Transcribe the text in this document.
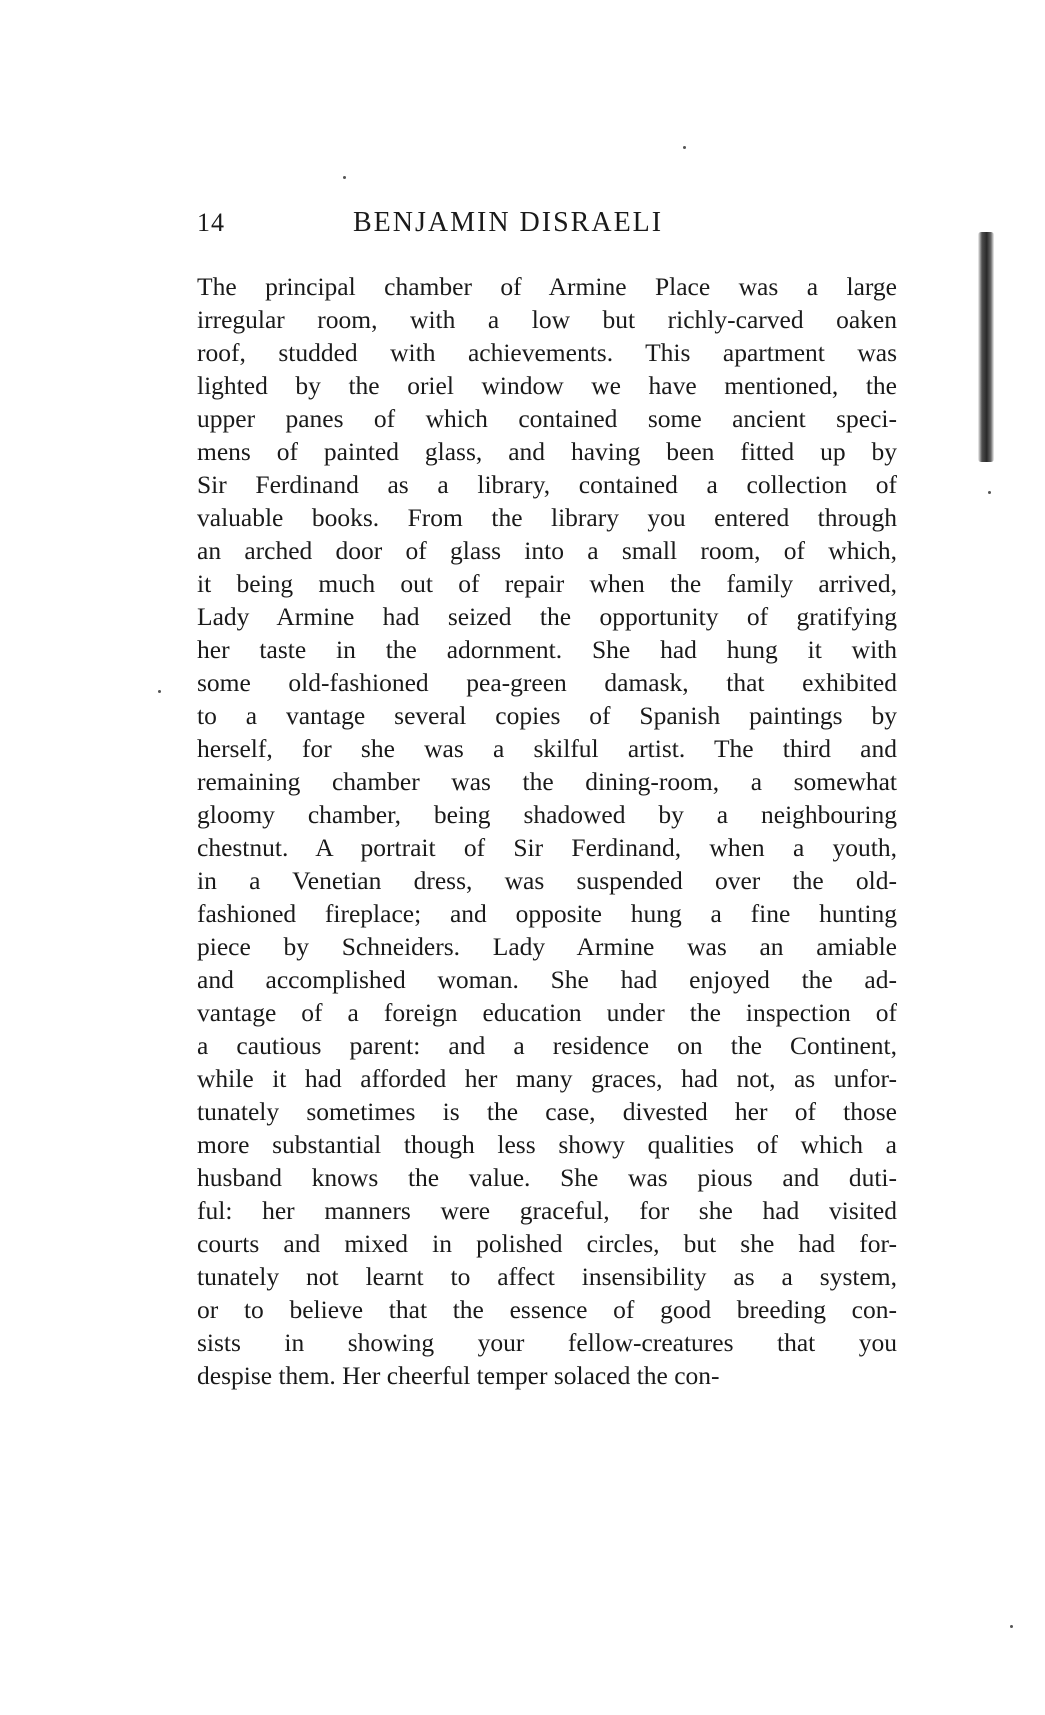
14	BENJAMIN DISRAELI
The principal chamber of Armine Place was a large
irregular room, with a low but richly-carved oaken
roof, studded with achievements. This apartment was
lighted by the oriel window we have mentioned, the
upper panes of which contained some ancient speci-
mens of painted glass, and having been fitted up by
Sir Ferdinand as a library, contained a collection of
valuable books. From the library you entered through
an arched door of glass into a small room, of which,
it being much out of repair when the family arrived,
Lady Armine had seized the opportunity of gratifying
her taste in the adornment. She had hung it with
some old-fashioned pea-green damask, that exhibited
to a vantage several copies of Spanish paintings by
herself, for she was a skilful artist. The third and
remaining chamber was the dining-room, a somewhat
gloomy chamber, being shadowed by a neighbouring
chestnut. A portrait of Sir Ferdinand, when a youth,
in a Venetian dress, was suspended over the old-
fashioned fireplace; and opposite hung a fine hunting
piece by Schneiders. Lady Armine was an amiable
and accomplished woman. She had enjoyed the ad-
vantage of a foreign education under the inspection of
a cautious parent: and a residence on the Continent,
while it had afforded her many graces, had not, as unfor-
tunately sometimes is the case, divested her of those
more substantial though less showy qualities of which a
husband knows the value. She was pious and duti-
ful: her manners were graceful, for she had visited
courts and mixed in polished circles, but she had for-
tunately not learnt to affect insensibility as a system,
or to believe that the essence of good breeding con-
sists in showing your fellow-creatures that you
despise them. Her cheerful temper solaced the con-
